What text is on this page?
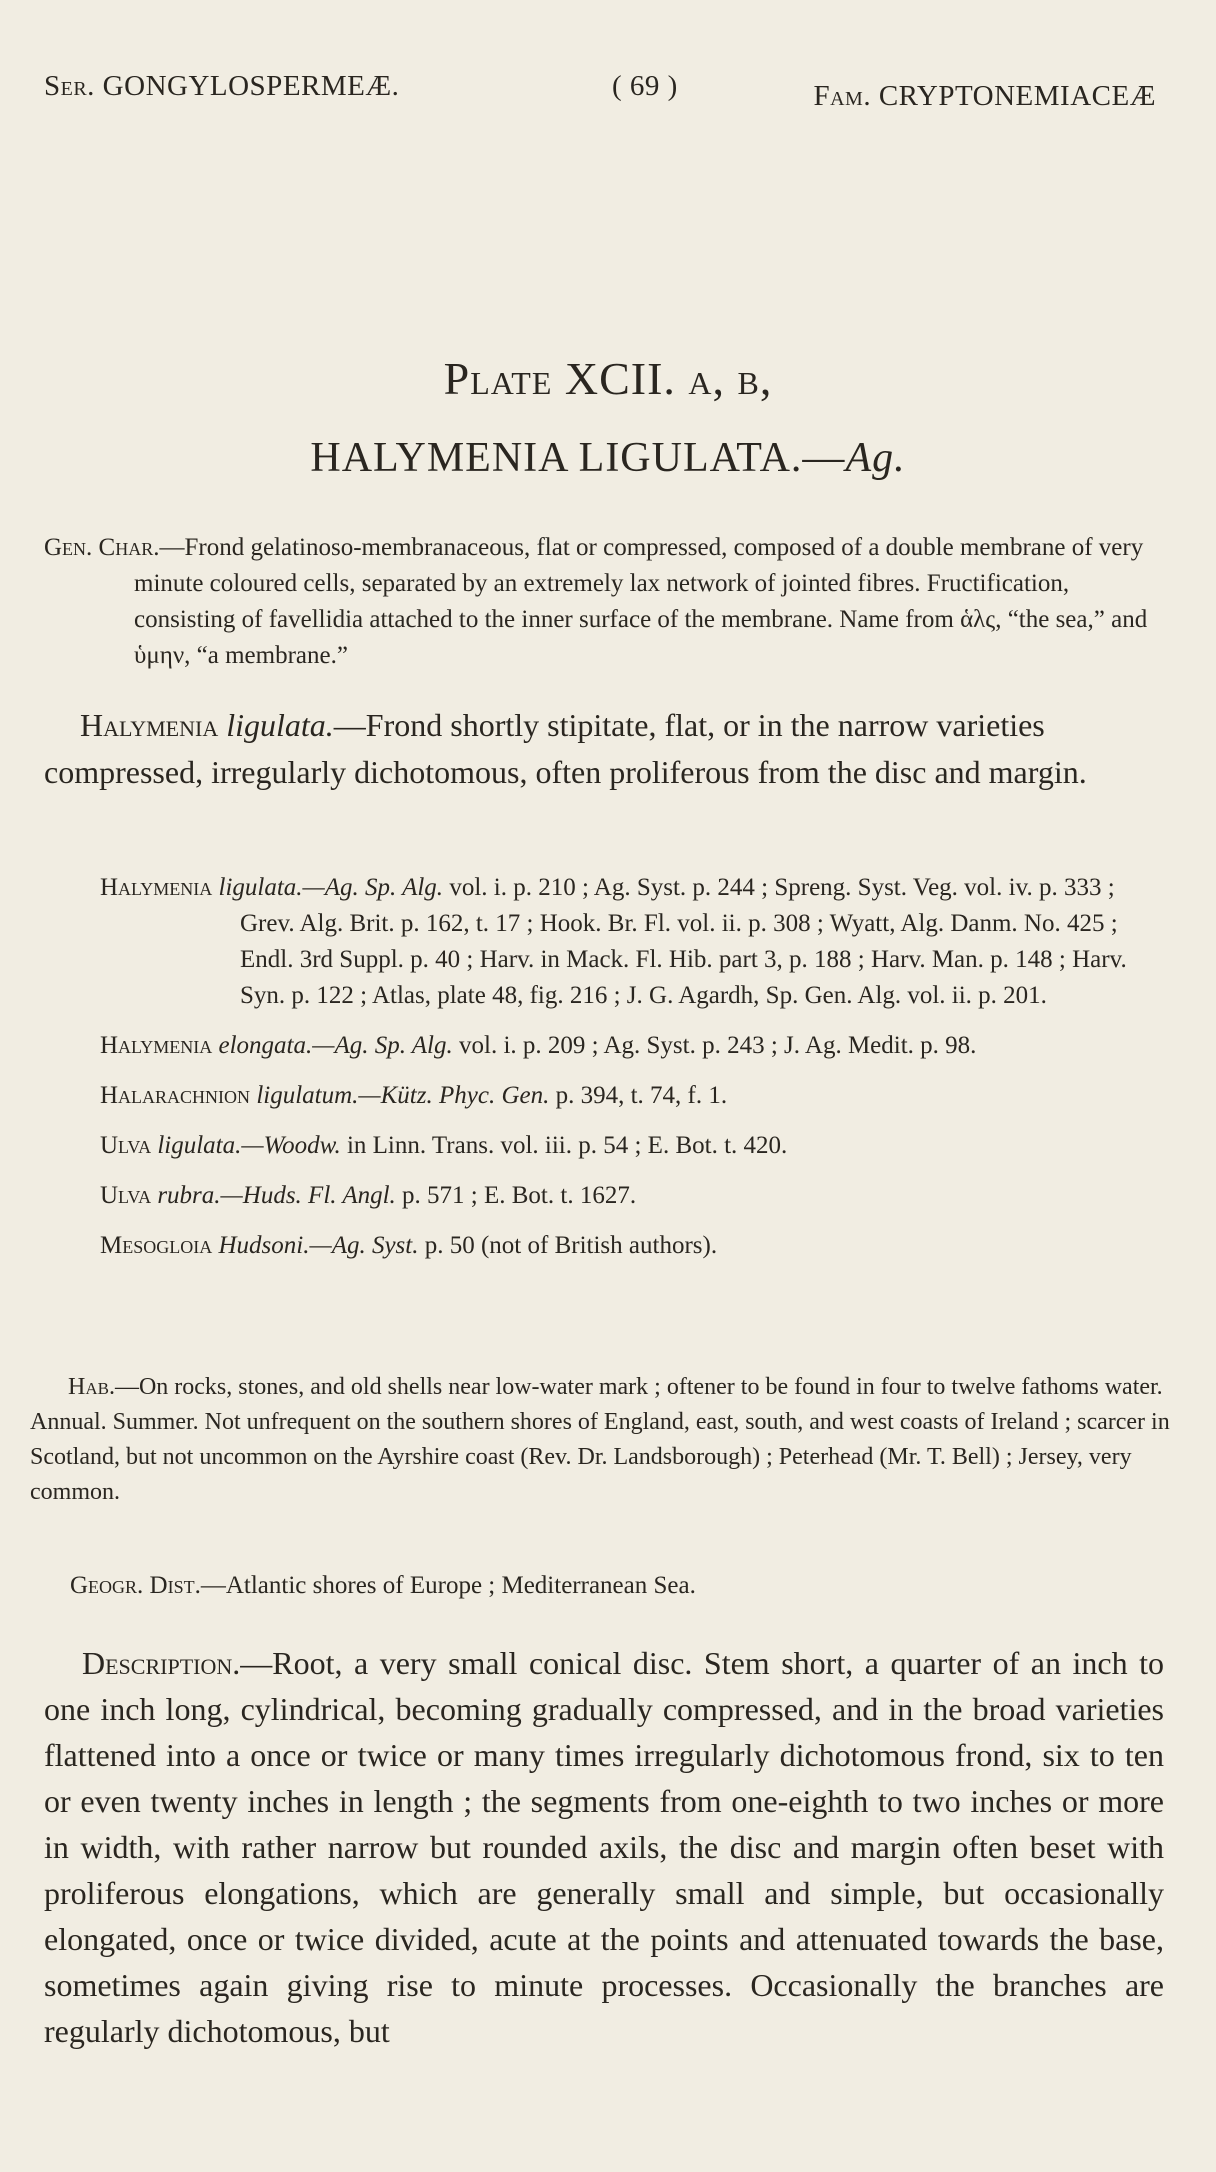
Ser. GONGYLOSPERMEÆ.	( 69 )	Fam. CRYPTONEMIACEÆ
Plate XCII. a, b,
HALYMENIA LIGULATA.—Ag.

Gen. Char.—Frond gelatinoso-membranaceous, flat or compressed, composed of a double membrane of very minute coloured cells, separated by an extremely lax network of jointed fibres. Fructification, consisting of favellidia attached to the inner surface of the membrane. Name from ἁλς, “the sea,” and ὑμην, “a membrane.”

Halymenia ligulata.—Frond shortly stipitate, flat, or in the narrow varieties compressed, irregularly dichotomous, often proliferous from the disc and margin.

Halymenia ligulata.—Ag. Sp. Alg. vol. i. p. 210 ; Ag. Syst. p. 244 ; Spreng. Syst. Veg. vol. iv. p. 333 ; Grev. Alg. Brit. p. 162, t. 17 ; Hook. Br. Fl. vol. ii. p. 308 ; Wyatt, Alg. Danm. No. 425 ; Endl. 3rd Suppl. p. 40 ; Harv. in Mack. Fl. Hib. part 3, p. 188 ; Harv. Man. p. 148 ; Harv. Syn. p. 122 ; Atlas, plate 48, fig. 216 ; J. G. Agardh, Sp. Gen. Alg. vol. ii. p. 201.

Halymenia elongata.—Ag. Sp. Alg. vol. i. p. 209 ; Ag. Syst. p. 243 ; J. Ag. Medit. p. 98.

Halarachnion ligulatum.—Kütz. Phyc. Gen. p. 394, t. 74, f. 1.

Ulva ligulata.—Woodw. in Linn. Trans. vol. iii. p. 54 ; E. Bot. t. 420.

Ulva rubra.—Huds. Fl. Angl. p. 571 ; E. Bot. t. 1627.

Mesogloia Hudsoni.—Ag. Syst. p. 50 (not of British authors).

Hab.—On rocks, stones, and old shells near low-water mark ; oftener to be found in four to twelve fathoms water. Annual. Summer. Not unfrequent on the southern shores of England, east, south, and west coasts of Ireland ; scarcer in Scotland, but not uncommon on the Ayrshire coast (Rev. Dr. Landsborough) ; Peterhead (Mr. T. Bell) ; Jersey, very common.

Geogr. Dist.—Atlantic shores of Europe ; Mediterranean Sea.

Description.—Root, a very small conical disc. Stem short, a quarter of an inch to one inch long, cylindrical, becoming gradually compressed, and in the broad varieties flattened into a once or twice or many times irregularly dichotomous frond, six to ten or even twenty inches in length ; the segments from one-eighth to two inches or more in width, with rather narrow but rounded axils, the disc and margin often beset with proliferous elongations, which are generally small and simple, but occasionally elongated, once or twice divided, acute at the points and attenuated towards the base, sometimes again giving rise to minute processes. Occasionally the branches are regularly dichotomous, but
